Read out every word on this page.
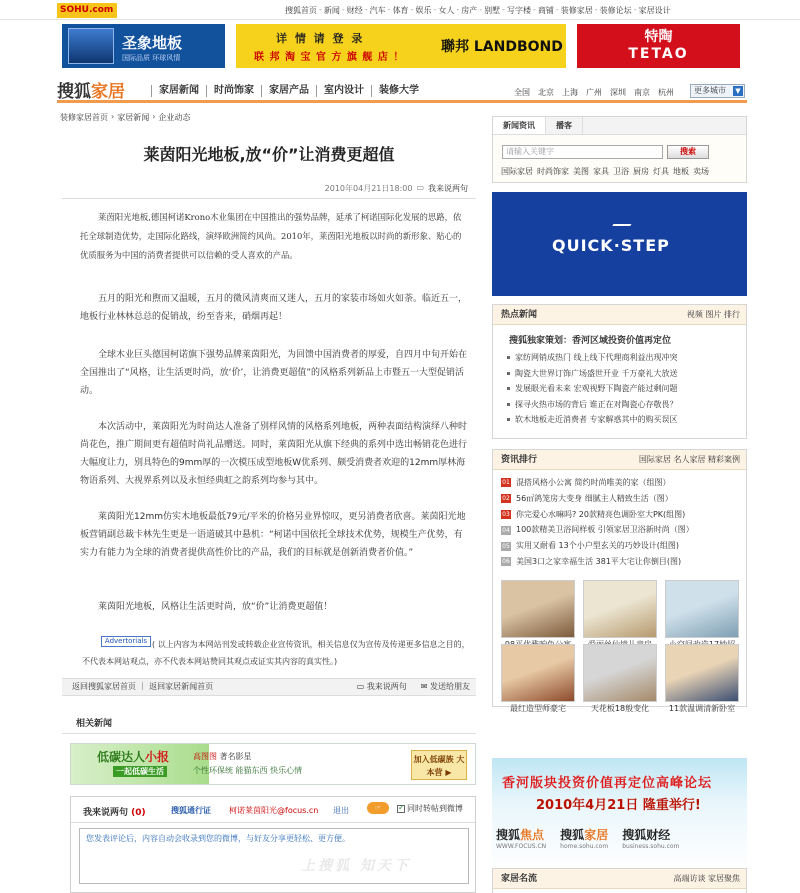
SOHU.com	搜狐首页 - 新闻 - 财经 - 汽车 - 体育 - 娱乐 - 女人 - 房产 - 别墅 - 写字楼 - 商铺 - 装修家居 - 装修论坛 - 家居设计
圣象地板
国际品质 环球风情
详 情 请 登 录
联 邦 淘 宝 官 方 旗 舰 店 ！
聯邦 LANDBOND
特陶
TETAO
搜狐家居	家居新闻	时尚饰家	家居产品	室内设计	装修大学	全国 北京 上海 广州 深圳 南京 杭州	更多城市	▼
装修家居首页 › 家居新闻 › 企业动态
莱茵阳光地板,放“价”让消费更超值
2010年04月21日18:00 ▭ 我来说两句
莱茵阳光地板,德国柯诺Krono木业集团在中国推出的强势品牌，延承了柯诺国际化发展的思路，依托全球制造优势，走国际化路线，演绎欧洲简约风尚。2010年，莱茵阳光地板以时尚的新形象、贴心的优质服务为中国的消费者提供可以信赖的受人喜欢的产品。
五月的阳光和煦而又温暖，五月的微风清爽而又迷人，五月的家装市场如火如荼。临近五一，地板行业林林总总的促销战，纷至沓来，硝烟再起！
全球木业巨头德国柯诺旗下强势品牌莱茵阳光，为回馈中国消费者的厚爱，自四月中旬开始在全国推出了“风格，让生活更时尚，放‘价’，让消费更超值”的风格系列新品上市暨五一大型促销活动。
本次活动中，莱茵阳光为时尚达人准备了别样风情的风格系列地板，两种表面结构演绎八种时尚花色，推广期间更有超值时尚礼品赠送。同时，莱茵阳光从旗下经典的系列中选出畅销花色进行大幅度让力，别具特色的9mm厚的一次模压成型地板W优系列、颇受消费者欢迎的12mm厚林海物语系列、大视界系列以及永恒经典虹之韵系列均参与其中。
莱茵阳光12mm仿实木地板最低79元/平米的价格另业界惊叹，更另消费者欣喜。莱茵阳光地板营销副总裁卡林先生更是一语道破其中悬机：“柯诺中国依托全球技术优势，规模生产优势，有实力有能力为全球的消费者提供高性价比的产品，我们的目标就是创新消费者价值。”
莱茵阳光地板，风格让生活更时尚，放“价”让消费更超值！
( 以上内容为本网站刊发或转载企业宣传资讯，相关信息仅为宣传及传递更多信息之目的，不代表本网站观点，亦不代表本网站赞同其观点或证实其内容的真实性。)
Advertorials
返回搜狐家居首页 ｜ 返回家居新闻首页	▭ 我来说两句 ✉ 发送给朋友
相关新闻
低碳达人小报
一起低碳生活
高图图 著名影星
个性环保统 能猫东西 快乐心情
加入低碳族 大本营 ▶
我来说两句 (0)	搜狐通行证 柯诺莱茵阳光@focus.cn 退出	☞
✓	同时转帖到微博
您发表评论后，内容自动会收录到您的微博，与好友分享更轻松、更方便。
上搜狐 知天下
新闻资讯	播客
请输入关键字	搜索
国际家居 时尚饰家 美图 家具 卫浴 厨房 灯具 地板 卖场
QUICK·STEP
热点新闻	视频 图片 排行
搜狐独家策划：香河区域投资价值再定位
家纺网销成热门 线上线下代理商利益出现冲突
陶瓷大世界订饰广场盛世开业 千万豪礼大放送
发展眼光看未来 宏观视野下陶瓷产能过剩问题
探寻火热市场的背后 谁正在对陶瓷心存敬畏？
软木地板走近消费者 专家解惑其中的购买误区
资讯排行	国际家居 名人家居 精彩案例
01 混搭风格小公寓 简约时尚唯美的家（组图）
02 56㎡鸽笼房大变身 细腻主人精致生活（图）
03 你完爱心水嘛吗? 20款精亮色调卧室大PK(组图)
04 100款精美卫浴间样板 引领家居卫浴新时尚（图）
05 实用又耐看 13个小户型玄关的巧妙设计(组图)
06 美国3口之家幸福生活 381平大宅让你倒目(图)
最红造型师豪宅	天花板18般变化	11款温调清新卧室
香河版块投资价值再定位高峰论坛
2010年4月21日 隆重举行!
搜狐焦点
WWW.FOCUS.CN
搜狐家居
home.sohu.com
搜狐财经
business.sohu.com
家居名流	高端访谈 家居聚焦
